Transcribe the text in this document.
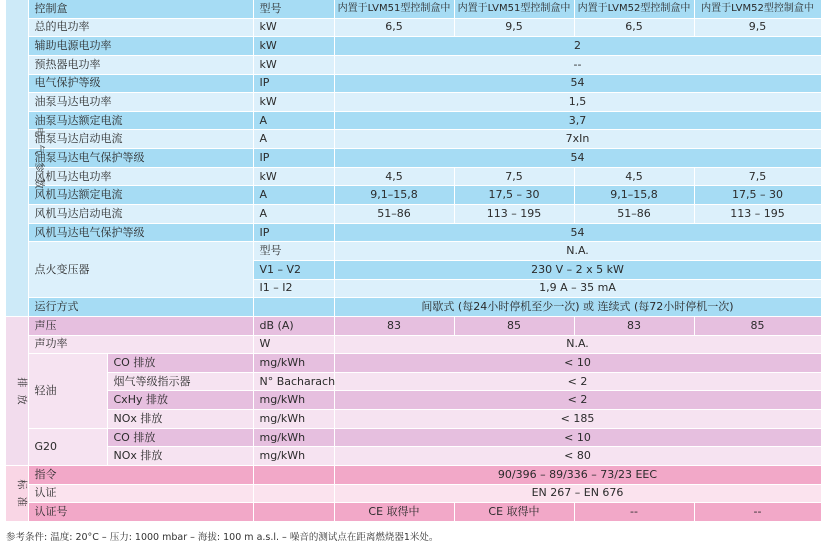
电 气 参 数	控制盒		型号	内置于LVM51型控制盒中	内置于LVM51型控制盒中	内置于LVM52型控制盒中	内置于LVM52型控制盒中
	总的电功率		kW	6,5	9,5	6,5	9,5
	辅助电源电功率		kW	2			
	预热器电功率		kW	--			
	电气保护等级		IP	54			
	油泵马达电功率		kW	1,5			
	油泵马达额定电流		A	3,7			
	油泵马达启动电流		A	7xIn			
	油泵马达电气保护等级		IP	54			
	风机马达电功率		kW	4,5	7,5	4,5	7,5
	风机马达额定电流		A	9,1–15,8	17,5 – 30	9,1–15,8	17,5 – 30
	风机马达启动电流		A	51–86	113 – 195	51–86	113 – 195
	风机马达电气保护等级		IP	54			
	点火变压器		型号	N.A.			
			V1 – V2	230 V – 2 x 5 kW			
			I1 – I2	1,9 A – 35 mA			
	运行方式			间歇式 (每24小时停机至少一次) 或 连续式 (每72小时停机一次)			

排 放	声压		dB (A)	83	85	83	85
	声功率		W	N.A.			
	轻油	CO 排放	mg/kWh	< 10			
		烟气等级指示器	N° Bacharach	< 2			
		CxHy 排放	mg/kWh	< 2			
		NOx 排放	mg/kWh	< 185			
	G20	CO 排放	mg/kWh	< 10			
		NOx 排放	mg/kWh	< 80			

标 准	指令			90/396 – 89/336 – 73/23 EEC			
	认证			EN 267 – EN 676			
	认证号			CE 取得中	CE 取得中	--	--
参考条件: 温度: 20°C – 压力: 1000 mbar – 海拔: 100 m a.s.l. – 噪音的测试点在距离燃烧器1米处。
